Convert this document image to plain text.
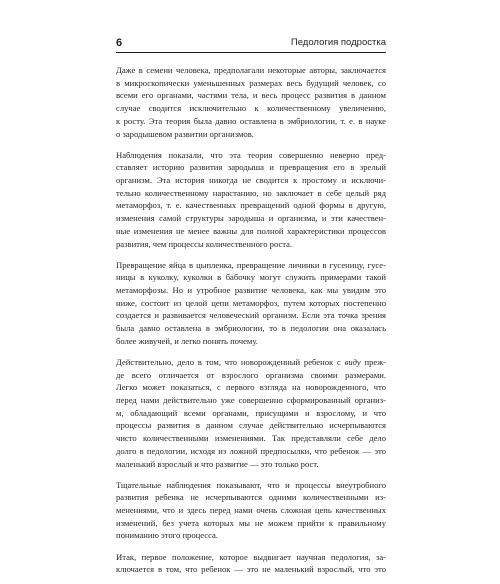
6	Педология подростка

Даже в семени человека, предполагали некоторые авторы, заключается
в микроскопически уменьшенных размерах весь будущий человек, со
всеми его органами, частями тела, и весь процесс развития в данном
случае сводится исключительно к количественному увеличению,
к росту. Эта теория была давно оставлена в эмбриологии, т. е. в науке
о зародышевом развитии организмов.

Наблюдения показали, что эта теория совершенно неверно пред-
ставляет историю развития зародыша и превращения его в зрелый
организм. Эта история никогда не сводится к простому и исключи-
тельно количественному нарастанию, но заключает в себе целый ряд
метаморфоз, т. е. качественных превращений одной формы в другую,
изменения самой структуры зародыша и организма, и эти качествен-
ные изменения не менее важны для полной характеристики процессов
развития, чем процессы количественного роста.

Превращение яйца в цыпленка, превращение личинки в гусеницу, гусе-
ницы в куколку, куколки в бабочку могут служить примерами такой
метаморфозы. Но и утробное развитие человека, как мы увидим это
ниже, состоит из целой цепи метаморфоз, путем которых постепенно
создается и развивается человеческий организм. Если эта точка зрения
была давно оставлена в эмбриологии, то в педологии она оказалась
более живучей, и легко понять почему.

Действительно, дело в том, что новорожденный ребенок с виду преж-
де всего отличается от взрослого организма своими размерами.
Легко может показаться, с первого взгляда на новорожденного, что
перед нами действительно уже совершенно сформированный организ-
м, обладающий всеми органами, присущими и взрослому, и что
процессы развития в данном случае действительно исчерпываются
чисто количественными изменениями. Так представляли себе дело
долго в педологии, исходя из ложной предпосылки, что ребенок — это
маленький взрослый и что развитие — это только рост.

Тщательные наблюдения показывают, что и процессы внеутробного
развития ребенка не исчерпываются одними количественными из-
менениями, что и здесь перед нами очень сложная цепь качественных
изменений, без учета которых мы не можем прийти к правильному
пониманию этого процесса.

Итак, первое положение, которое выдвигает научная педология, за-
ключается в том, что ребенок — это не маленький взрослый, что это
